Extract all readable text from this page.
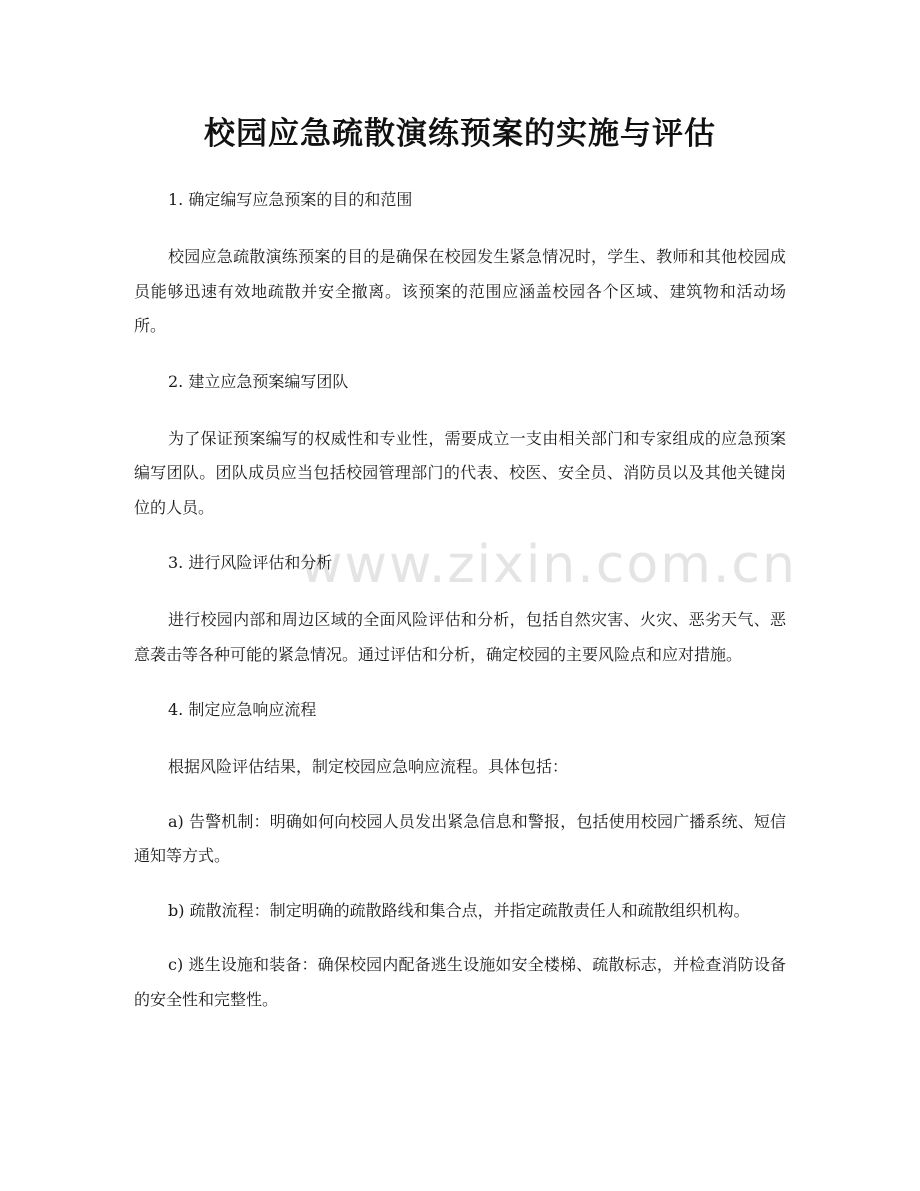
www.zixin.com.cn
校园应急疏散演练预案的实施与评估
1. 确定编写应急预案的目的和范围
校园应急疏散演练预案的目的是确保在校园发生紧急情况时，学生、教师和其他校园成员能够迅速有效地疏散并安全撤离。该预案的范围应涵盖校园各个区域、建筑物和活动场所。
2. 建立应急预案编写团队
为了保证预案编写的权威性和专业性，需要成立一支由相关部门和专家组成的应急预案编写团队。团队成员应当包括校园管理部门的代表、校医、安全员、消防员以及其他关键岗位的人员。
3. 进行风险评估和分析
进行校园内部和周边区域的全面风险评估和分析，包括自然灾害、火灾、恶劣天气、恶意袭击等各种可能的紧急情况。通过评估和分析，确定校园的主要风险点和应对措施。
4. 制定应急响应流程
根据风险评估结果，制定校园应急响应流程。具体包括：
a) 告警机制：明确如何向校园人员发出紧急信息和警报，包括使用校园广播系统、短信通知等方式。
b) 疏散流程：制定明确的疏散路线和集合点，并指定疏散责任人和疏散组织机构。
c) 逃生设施和装备：确保校园内配备逃生设施如安全楼梯、疏散标志，并检查消防设备的安全性和完整性。
